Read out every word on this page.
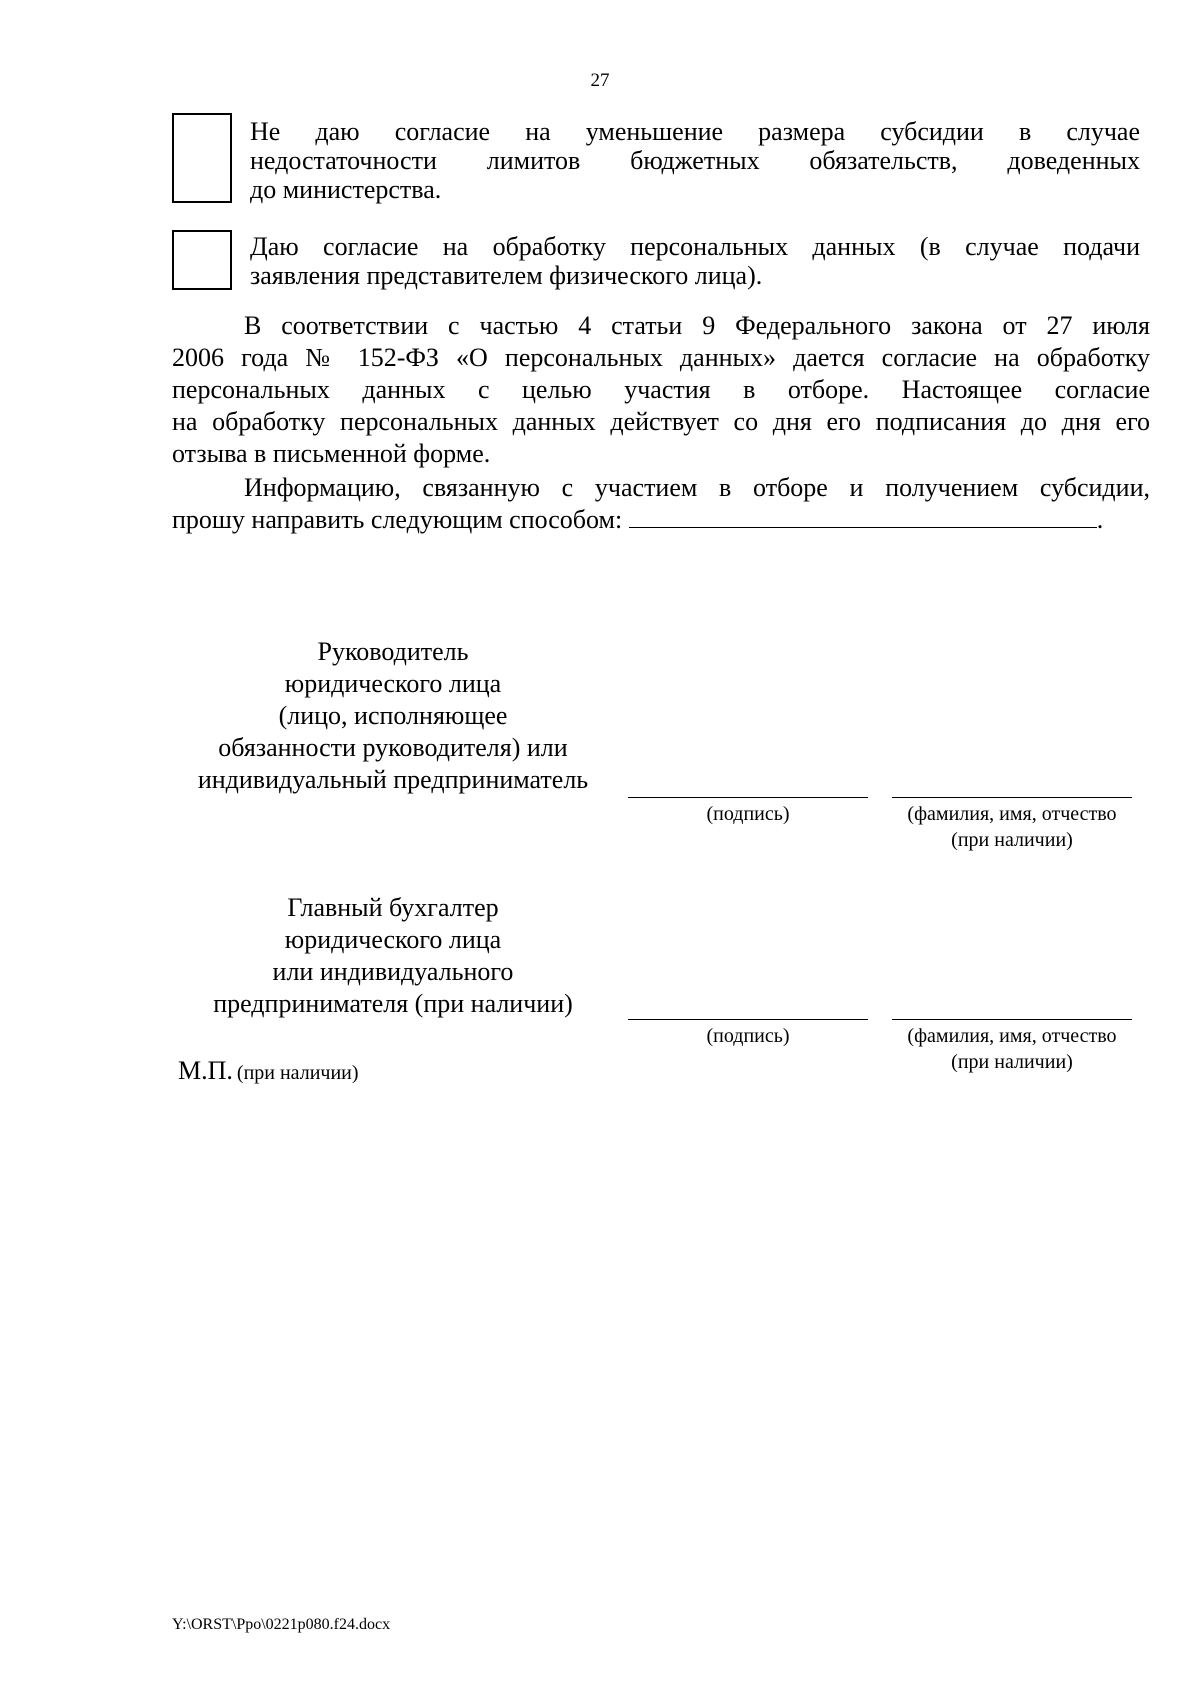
27
Не даю согласие на уменьшение размера субсидии в случае
недостаточности лимитов бюджетных обязательств, доведенных
до министерства.
Даю согласие на обработку персональных данных (в случае подачи
заявления представителем физического лица).
В соответствии с частью 4 статьи 9 Федерального закона от 27 июля
2006 года № 152-ФЗ «О персональных данных» дается согласие на обработку
персональных данных с целью участия в отборе. Настоящее согласие
на обработку персональных данных действует со дня его подписания до дня его
отзыва в письменной форме.
Информацию, связанную с участием в отборе и получением субсидии,
прошу направить следующим способом:	.
Руководитель
юридического лица
(лицо, исполняющее
обязанности руководителя) или
индивидуальный предприниматель
(подпись)	(фамилия, имя, отчество
(при наличии)
Главный бухгалтер
юридического лица
или индивидуального
предпринимателя (при наличии)
(подпись)	(фамилия, имя, отчество
(при наличии)
М.П. (при наличии)
Y:\ORST\Ppo\0221p080.f24.docx
